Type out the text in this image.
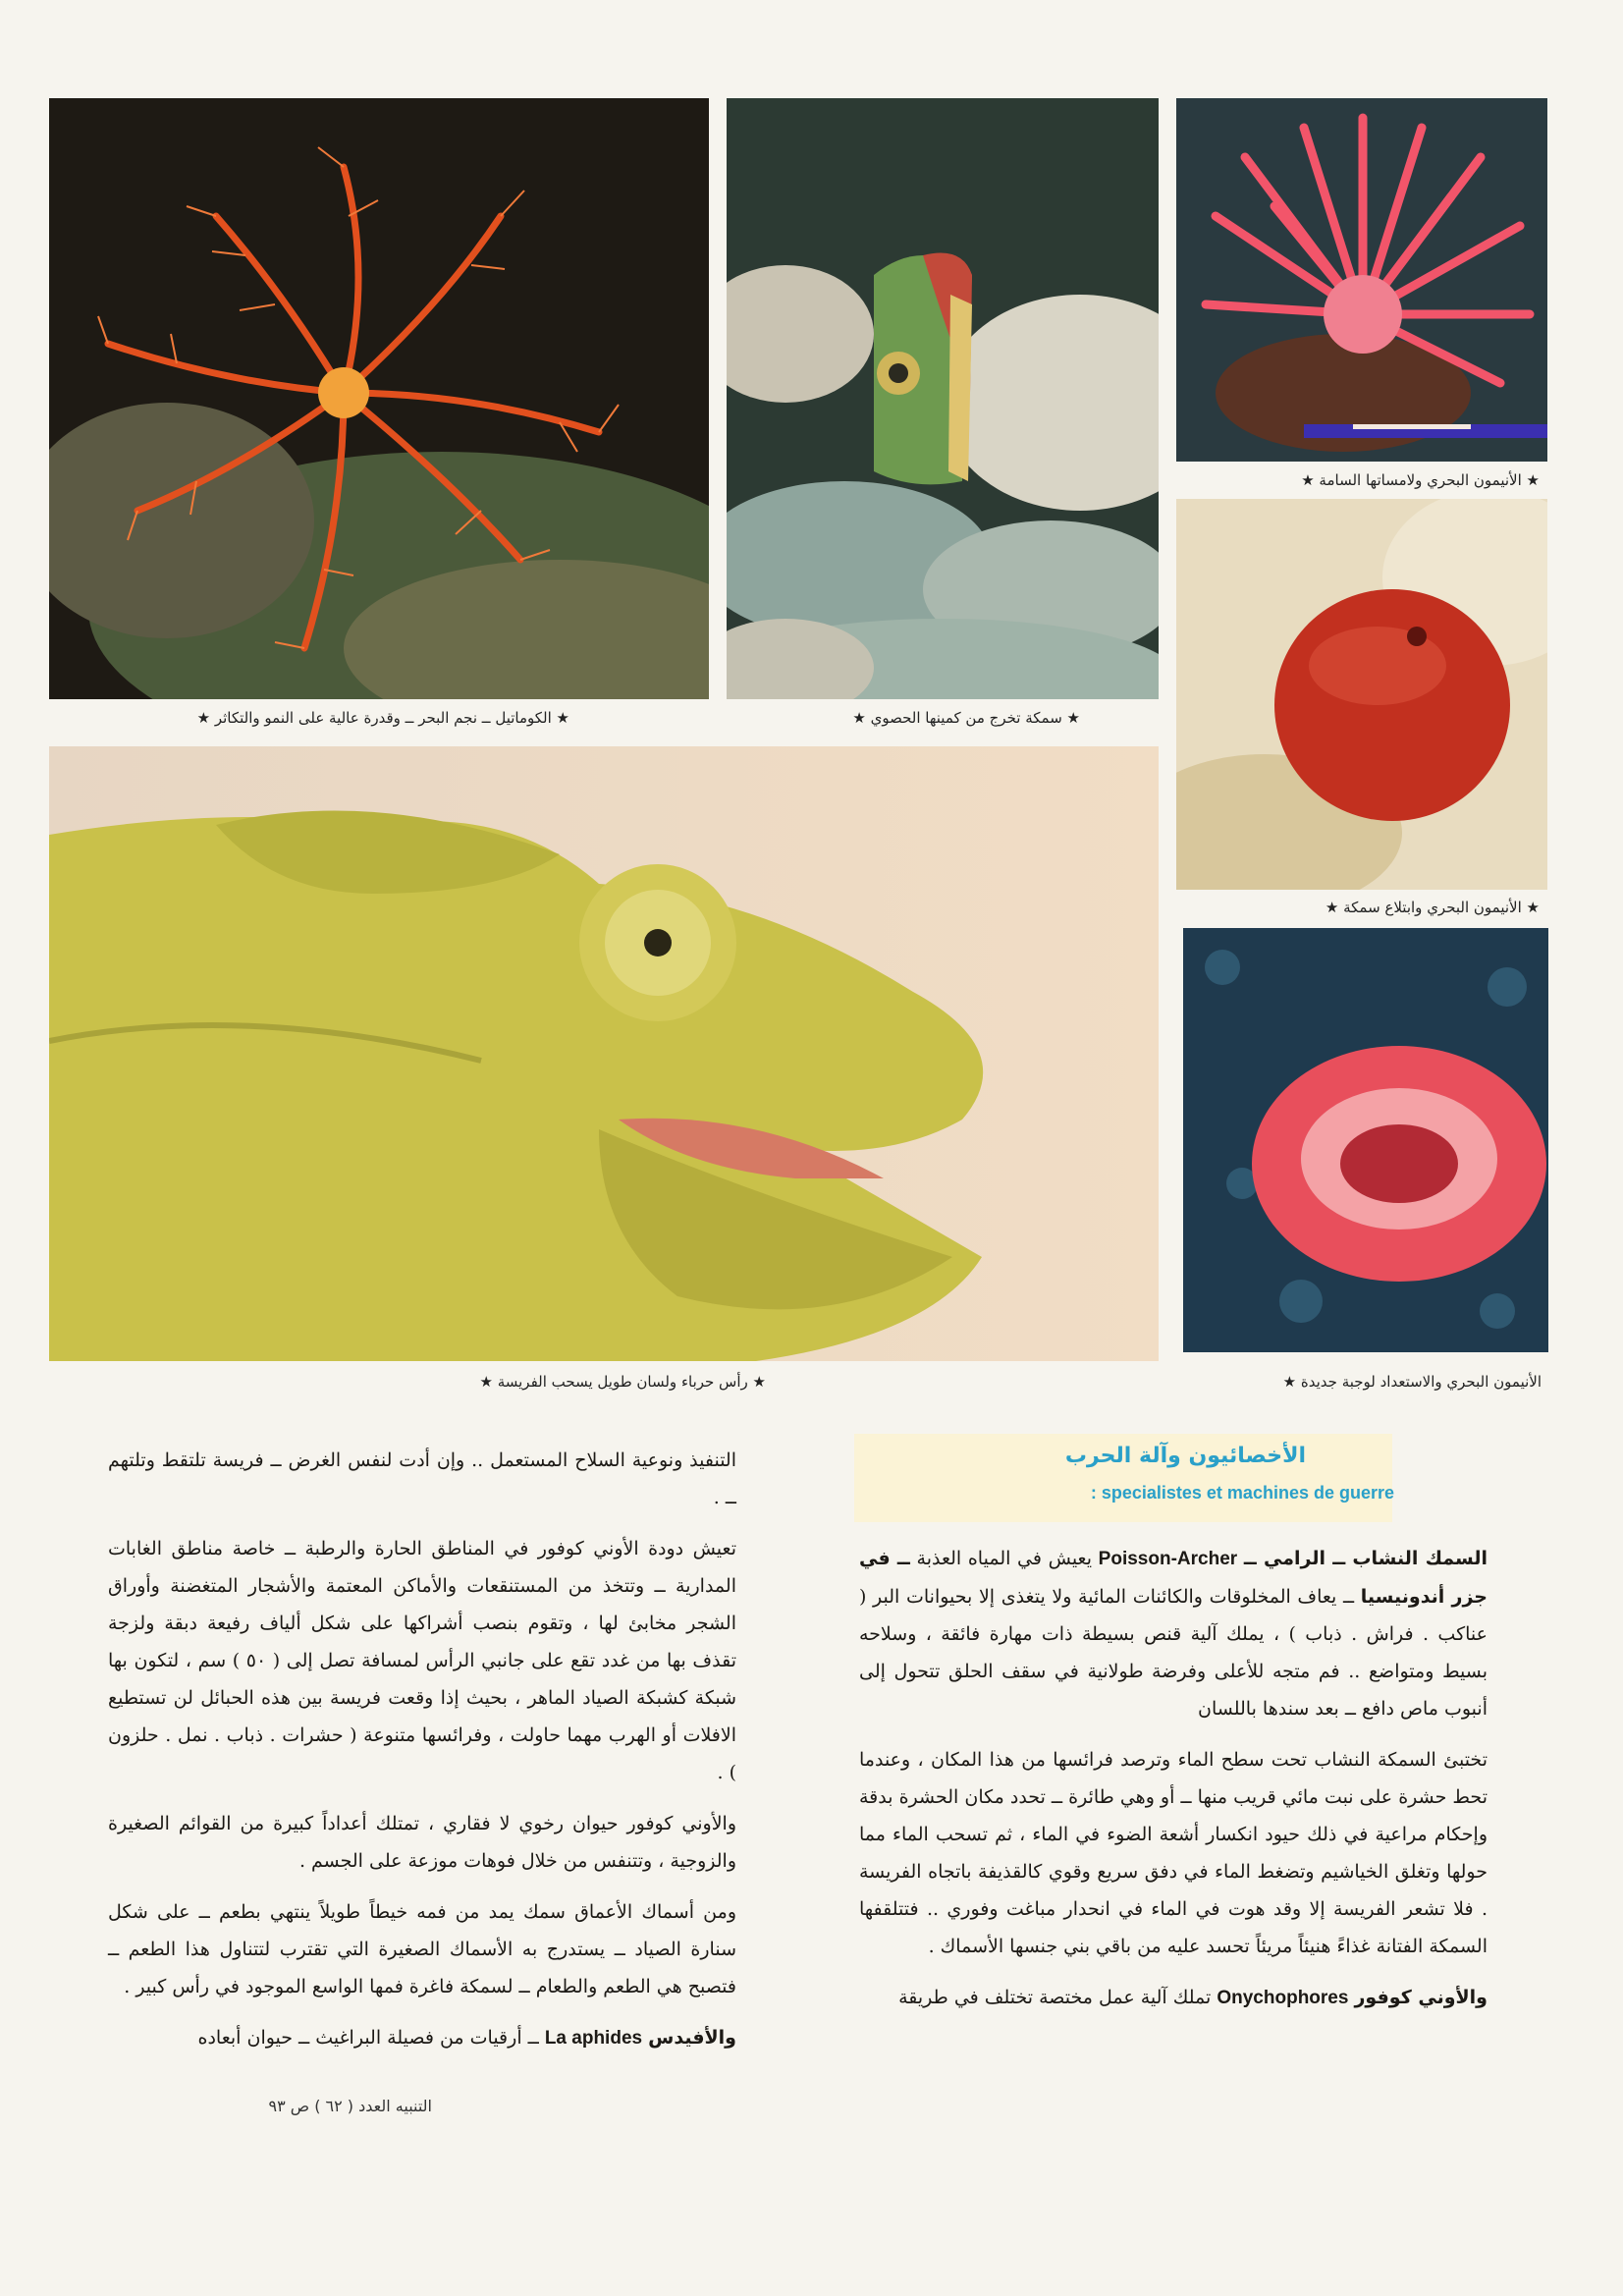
★ الكوماتيل ــ نجم البحر ــ وقدرة عالية على النمو والتكاثر ★	★ سمكة تخرج من كمينها الحصوي ★
★ الأنيمون البحري ولامساتها السامة ★
★ الأنيمون البحري وابتلاع سمكة ★
الأنيمون البحري والاستعداد لوجبة جديدة ★
★ رأس حرباء ولسان طويل يسحب الفريسة ★
الأخصائيون وآلة الحرب
: specialistes et machines de guerre

السمك النشاب ــ الرامي ــ Poisson-Archer يعيش في المياه العذبة ــ في جزر أندونيسيا ــ يعاف المخلوقات والكائنات المائية ولا يتغذى إلا بحيوانات البر ( عناكب . فراش . ذباب ) ، يملك آلية قنص بسيطة ذات مهارة فائقة ، وسلاحه بسيط ومتواضع .. فم متجه للأعلى وفرضة طولانية في سقف الحلق تتحول إلى أنبوب ماص دافع ــ بعد سندها باللسان

تختبئ السمكة النشاب تحت سطح الماء وترصد فرائسها من هذا المكان ، وعندما تحط حشرة على نبت مائي قريب منها ــ أو وهي طائرة ــ تحدد مكان الحشرة بدقة وإحكام مراعية في ذلك حيود انكسار أشعة الضوء في الماء ، ثم تسحب الماء مما حولها وتغلق الخياشيم وتضغط الماء في دفق سريع وقوي كالقذيفة باتجاه الفريسة . فلا تشعر الفريسة إلا وقد هوت في الماء في انحدار مباغت وفوري .. فتتلقفها السمكة الفتانة غذاءً هنيئاً مريئاً تحسد عليه من باقي بني جنسها الأسماك .

والأوني كوفور Onychophores تملك آلية عمل مختصة تختلف في طريقة

التنفيذ ونوعية السلاح المستعمل .. وإن أدت لنفس الغرض ــ فريسة تلتقط وتلتهم ــ .

تعيش دودة الأوني كوفور في المناطق الحارة والرطبة ــ خاصة مناطق الغابات المدارية ــ وتتخذ من المستنقعات والأماكن المعتمة والأشجار المتغضنة وأوراق الشجر مخابئ لها ، وتقوم بنصب أشراكها على شكل ألياف رفيعة دبقة ولزجة تقذف بها من غدد تقع على جانبي الرأس لمسافة تصل إلى ( ٥٠ ) سم ، لتكون بها شبكة كشبكة الصياد الماهر ، بحيث إذا وقعت فريسة بين هذه الحبائل لن تستطيع الافلات أو الهرب مهما حاولت ، وفرائسها متنوعة ( حشرات . ذباب . نمل . حلزون ) .

والأوني كوفور حيوان رخوي لا فقاري ، تمتلك أعداداً كبيرة من القوائم الصغيرة والزوجية ، وتتنفس من خلال فوهات موزعة على الجسم .

ومن أسماك الأعماق سمك يمد من فمه خيطاً طويلاً ينتهي بطعم ــ على شكل سنارة الصياد ــ يستدرج به الأسماك الصغيرة التي تقترب لتتناول هذا الطعم ــ فتصبح هي الطعم والطعام ــ لسمكة فاغرة فمها الواسع الموجود في رأس كبير .

والأفيدس La aphides ــ أرقيات من فصيلة البراغيث ــ حيوان أبعاده

التنبيه العدد ( ٦٢ ) ص ٩٣
